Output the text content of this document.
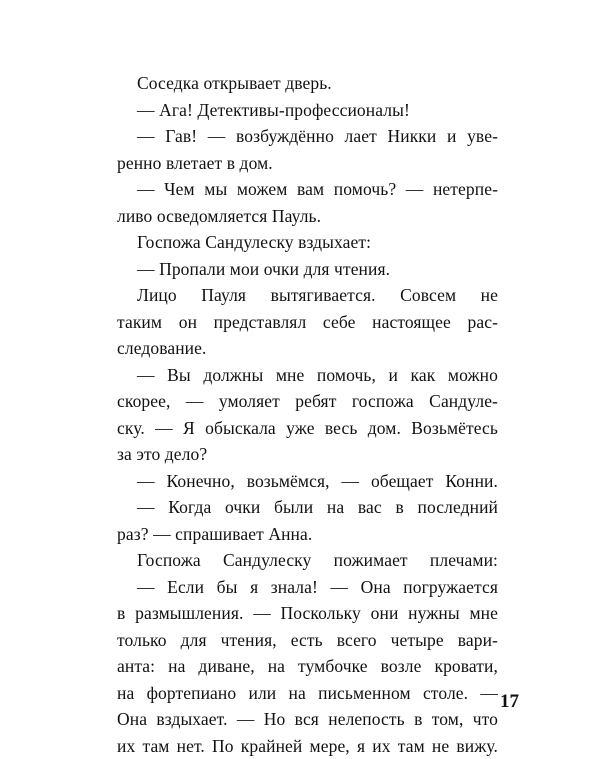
Соседка открывает дверь.
— Ага! Детективы-профессионалы!
— Гав! — возбуждённо лает Никки и уве-
ренно влетает в дом.
— Чем мы можем вам помочь? — нетерпе-
ливо осведомляется Пауль.
Госпожа Сандулеску вздыхает:
— Пропали мои очки для чтения.
Лицо Пауля вытягивается. Совсем не
таким он представлял себе настоящее рас-
следование.
— Вы должны мне помочь, и как можно
скорее, — умоляет ребят госпожа Сандуле-
ску. — Я обыскала уже весь дом. Возьмётесь
за это дело?
— Конечно, возьмёмся, — обещает Конни.
— Когда очки были на вас в последний
раз? — спрашивает Анна.
Госпожа Сандулеску пожимает плечами:
— Если бы я знала! — Она погружается
в размышления. — Поскольку они нужны мне
только для чтения, есть всего четыре вари-
анта: на диване, на тумбочке возле кровати,
на фортепиано или на письменном столе. —
Она вздыхает. — Но вся нелепость в том, что
их там нет. По крайней мере, я их там не вижу.
17
